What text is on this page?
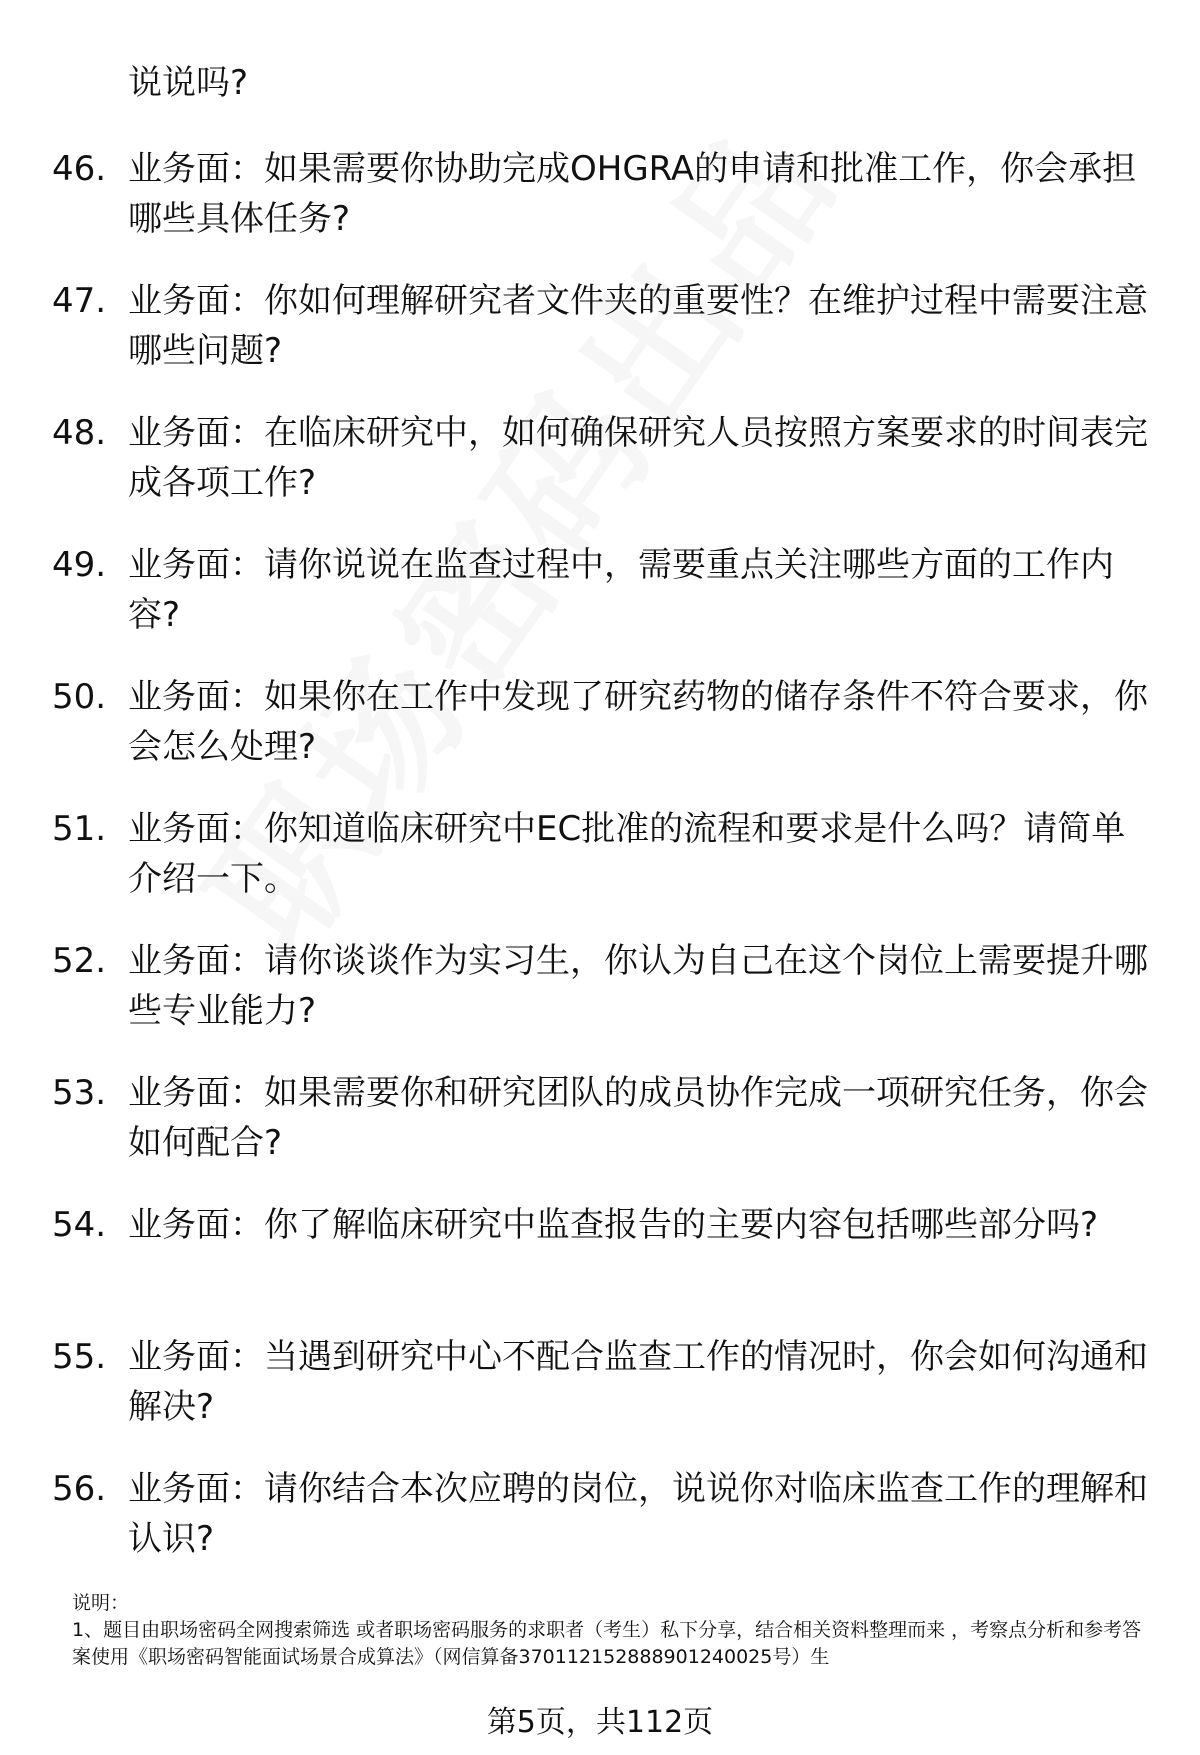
说说吗?
46. 业务面：如果需要你协助完成OHGRA的申请和批准工作，你会承担哪些具体任务?
47. 业务面：你如何理解研究者文件夹的重要性？在维护过程中需要注意哪些问题?
48. 业务面：在临床研究中，如何确保研究人员按照方案要求的时间表完成各项工作?
49. 业务面：请你说说在监查过程中，需要重点关注哪些方面的工作内容?
50. 业务面：如果你在工作中发现了研究药物的储存条件不符合要求，你会怎么处理?
51. 业务面：你知道临床研究中EC批准的流程和要求是什么吗？请简单介绍一下。
52. 业务面：请你谈谈作为实习生，你认为自己在这个岗位上需要提升哪些专业能力?
53. 业务面：如果需要你和研究团队的成员协作完成一项研究任务，你会如何配合?
54. 业务面：你了解临床研究中监查报告的主要内容包括哪些部分吗?
55. 业务面：当遇到研究中心不配合监查工作的情况时，你会如何沟通和解决?
56. 业务面：请你结合本次应聘的岗位，说说你对临床监查工作的理解和认识?
说明：
1、题目由职场密码全网搜索筛选 或者职场密码服务的求职者（考生）私下分享，结合相关资料整理而来 ，考察点分析和参考答案使用《职场密码智能面试场景合成算法》（网信算备370112152888901240025号）生
第5页，共112页
